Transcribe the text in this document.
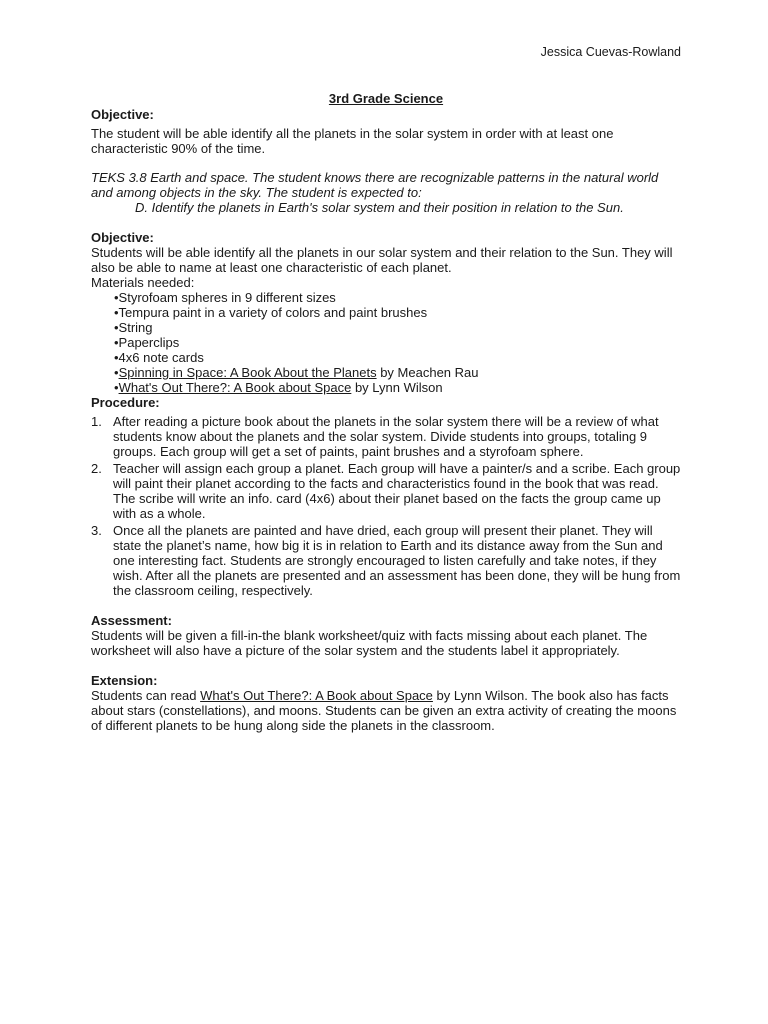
Jessica Cuevas-Rowland
3rd Grade Science
Objective:

The student will be able identify all the planets in the solar system in order with at least one characteristic 90% of the time.

TEKS 3.8 Earth and space. The student knows there are recognizable patterns in the natural world and among objects in the sky. The student is expected to:

D. Identify the planets in Earth's solar system and their position in relation to the Sun.

Objective:

Students will be able identify all the planets in our solar system and their relation to the Sun. They will also be able to name at least one characteristic of each planet.

Materials needed:

•Styrofoam spheres in 9 different sizes
•Tempura paint in a variety of colors and paint brushes
•String
•Paperclips
•4x6 note cards
•Spinning in Space: A Book About the Planets by Meachen Rau
•What's Out There?: A Book about Space by Lynn Wilson
Procedure:
1. After reading a picture book about the planets in the solar system there will be a review of what students know about the planets and the solar system. Divide students into groups, totaling 9 groups. Each group will get a set of paints, paint brushes and a styrofoam sphere.
2. Teacher will assign each group a planet. Each group will have a painter/s and a scribe. Each group will paint their planet according to the facts and characteristics found in the book that was read. The scribe will write an info. card (4x6) about their planet based on the facts the group came up with as a whole.
3. Once all the planets are painted and have dried, each group will present their planet. They will state the planet’s name, how big it is in relation to Earth and its distance away from the Sun and one interesting fact. Students are strongly encouraged to listen carefully and take notes, if they wish. After all the planets are presented and an assessment has been done, they will be hung from the classroom ceiling, respectively.
Assessment:

Students will be given a fill-in-the blank worksheet/quiz with facts missing about each planet. The worksheet will also have a picture of the solar system and the students label it appropriately.

Extension:

Students can read What's Out There?: A Book about Space by Lynn Wilson. The book also has facts about stars (constellations), and moons. Students can be given an extra activity of creating the moons of different planets to be hung along side the planets in the classroom.
